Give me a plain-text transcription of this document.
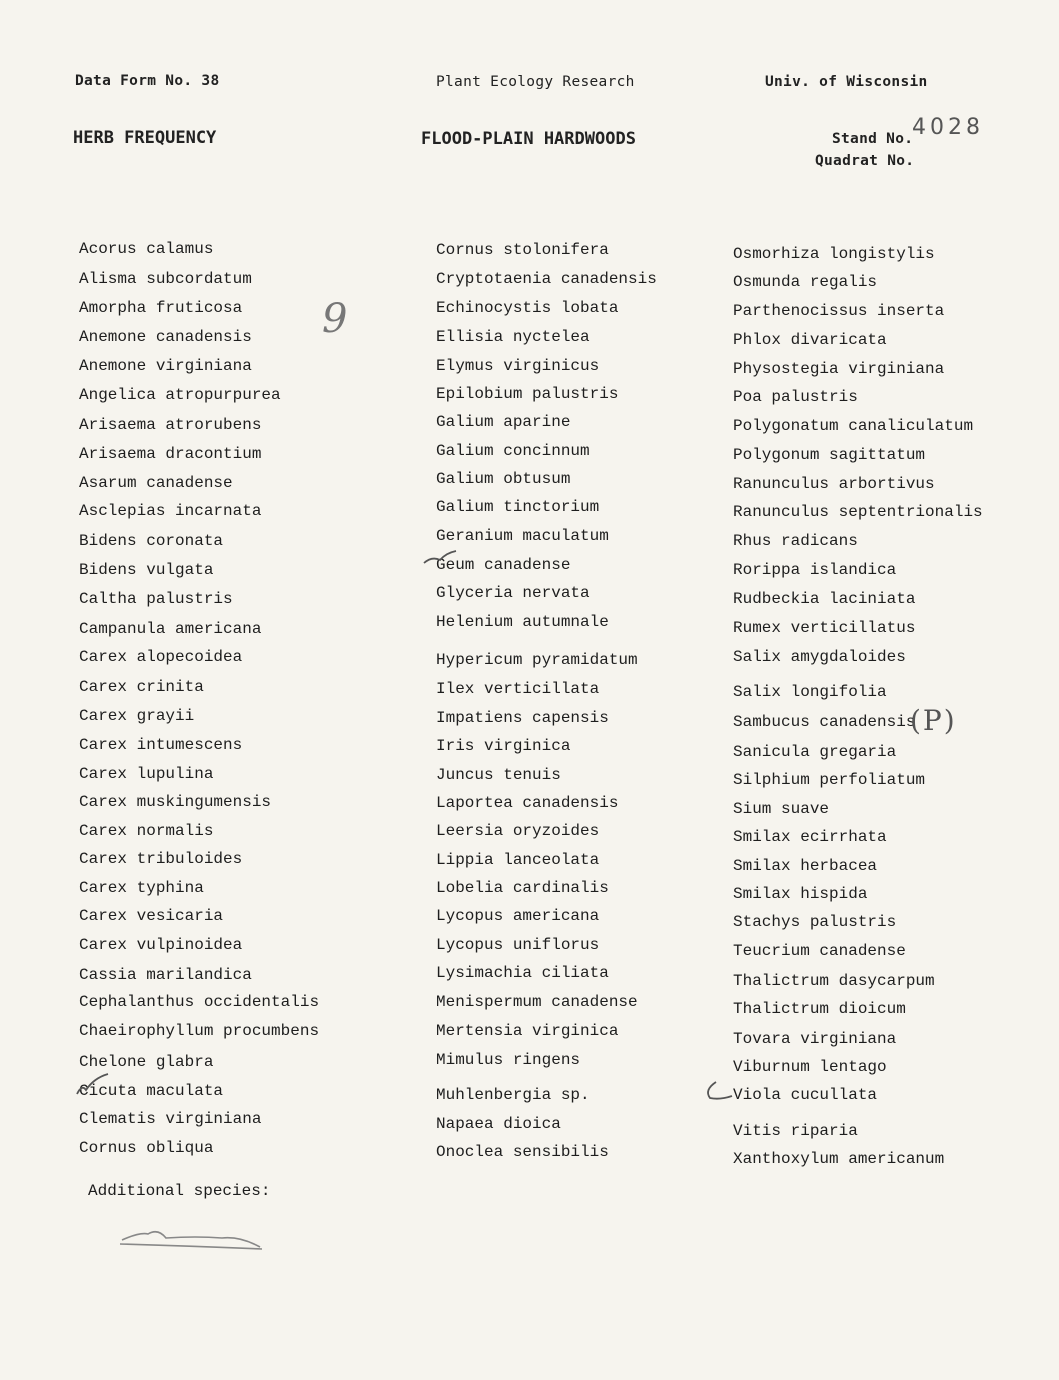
Data Form No. 38	Plant Ecology Research	Univ. of Wisconsin
HERB FREQUENCY	FLOOD-PLAIN HARDWOODS	Stand No.
4028
Quadrat No.
Acorus calamus
Alisma subcordatum
Amorpha fruticosa
Anemone canadensis
Anemone virginiana
Angelica atropurpurea
Arisaema atrorubens
Arisaema dracontium
Asarum canadense
Asclepias incarnata
Bidens coronata
Bidens vulgata
Caltha palustris
Campanula americana
Carex alopecoidea
Carex crinita
Carex grayii
Carex intumescens
Carex lupulina
Carex muskingumensis
Carex normalis
Carex tribuloides
Carex typhina
Carex vesicaria
Carex vulpinoidea
Cassia marilandica
Cephalanthus occidentalis
Chaeirophyllum procumbens
Chelone glabra
Cicuta maculata
Clematis virginiana
Cornus obliqua
Cornus stolonifera
Cryptotaenia canadensis
Echinocystis lobata
Ellisia nyctelea
Elymus virginicus
Epilobium palustris
Galium aparine
Galium concinnum
Galium obtusum
Galium tinctorium
Geranium maculatum
Geum canadense
Glyceria nervata
Helenium autumnale
Hypericum pyramidatum
Ilex verticillata
Impatiens capensis
Iris virginica
Juncus tenuis
Laportea canadensis
Leersia oryzoides
Lippia lanceolata
Lobelia cardinalis
Lycopus americana
Lycopus uniflorus
Lysimachia ciliata
Menispermum canadense
Mertensia virginica
Mimulus ringens
Muhlenbergia sp.
Napaea dioica
Onoclea sensibilis
Osmorhiza longistylis
Osmunda regalis
Parthenocissus inserta
Phlox divaricata
Physostegia virginiana
Poa palustris
Polygonatum canaliculatum
Polygonum sagittatum
Ranunculus arbortivus
Ranunculus septentrionalis
Rhus radicans
Rorippa islandica
Rudbeckia laciniata
Rumex verticillatus
Salix amygdaloides
Salix longifolia
Sambucus canadensis
Sanicula gregaria
Silphium perfoliatum
Sium suave
Smilax ecirrhata
Smilax herbacea
Smilax hispida
Stachys palustris
Teucrium canadense
Thalictrum dasycarpum
Thalictrum dioicum
Tovara virginiana
Viburnum lentago
Viola cucullata
Vitis riparia
Xanthoxylum americanum
9
(P)
Additional species:
